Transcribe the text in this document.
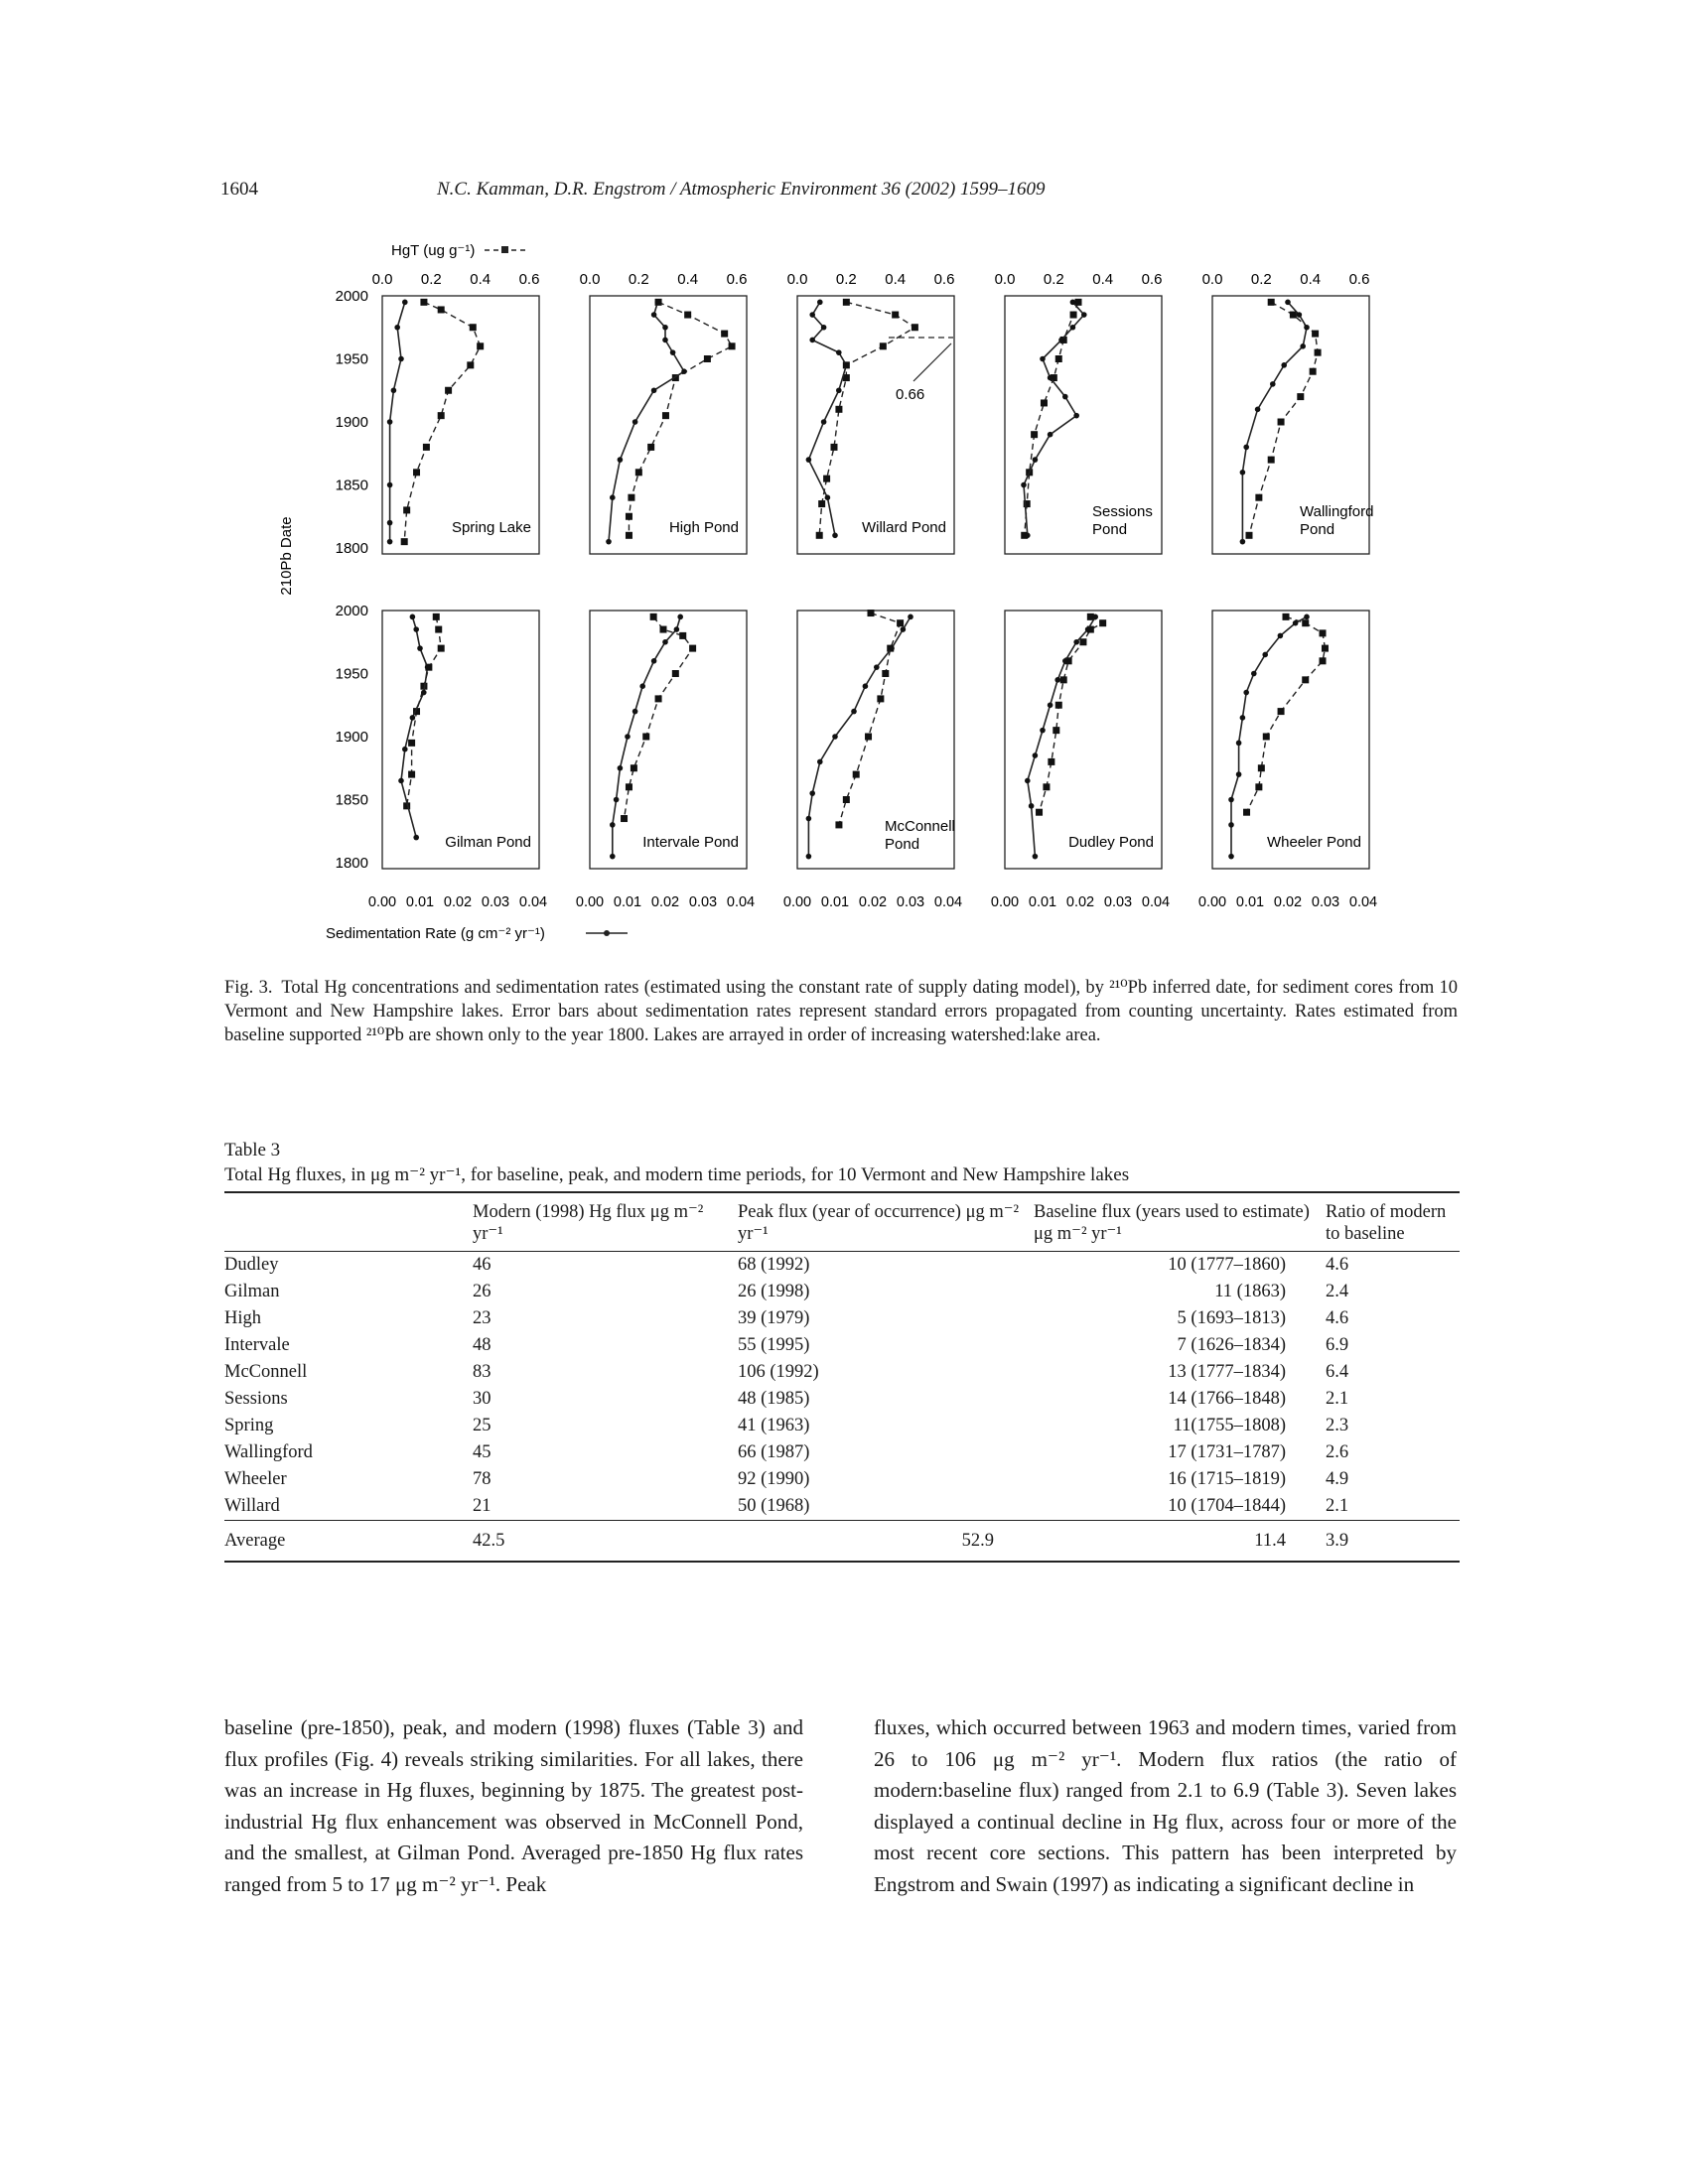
1604	N.C. Kamman, D.R. Engstrom / Atmospheric Environment 36 (2002) 1599–1609
0.0 0.2 0.4 0.6
0.00 0.01 0.02 0.03 0.04
0.0 0.2 0.4 0.6
0.00 0.01 0.02 0.03 0.04
0.0 0.2 0.4 0.6
0.00 0.01 0.02 0.03 0.04
0.0 0.2 0.4 0.6
0.00 0.01 0.02 0.03 0.04
0.0 0.2 0.4 0.6
0.00 0.01 0.02 0.03 0.04
HgT (ug g⁻¹)
Sedimentation Rate (g cm⁻² yr⁻¹)
210Pb Date
2000
1950
1900
1850
1800
Spring Lake	High Pond	Willard Pond
Sessions
Pond
Wallingford
Pond
2000
1950
1900
1850
1800
Gilman Pond	Intervale Pond
McConnell
Pond	Dudley Pond	Wheeler Pond
0.66
Fig. 3. Total Hg concentrations and sedimentation rates (estimated using the constant rate of supply dating model), by ²¹⁰Pb inferred date, for sediment cores from 10 Vermont and New Hampshire lakes. Error bars about sedimentation rates represent standard errors propagated from counting uncertainty. Rates estimated from baseline supported ²¹⁰Pb are shown only to the year 1800. Lakes are arrayed in order of increasing watershed:lake area.
Table 3
Total Hg fluxes, in μg m⁻² yr⁻¹, for baseline, peak, and modern time periods, for 10 Vermont and New Hampshire lakes
	Modern (1998) Hg flux μg m⁻² yr⁻¹	Peak flux (year of occurrence) μg m⁻² yr⁻¹	Baseline flux (years used to estimate) μg m⁻² yr⁻¹	Ratio of modern to baseline
Dudley	46	68 (1992)	10 (1777–1860)	4.6
Gilman	26	26 (1998)	11 (1863)	2.4
High	23	39 (1979)	5 (1693–1813)	4.6
Intervale	48	55 (1995)	7 (1626–1834)	6.9
McConnell	83	106 (1992)	13 (1777–1834)	6.4
Sessions	30	48 (1985)	14 (1766–1848)	2.1
Spring	25	41 (1963)	11(1755–1808)	2.3
Wallingford	45	66 (1987)	17 (1731–1787)	2.6
Wheeler	78	92 (1990)	16 (1715–1819)	4.9
Willard	21	50 (1968)	10 (1704–1844)	2.1
Average	42.5	52.9	11.4	3.9
baseline (pre-1850), peak, and modern (1998) fluxes (Table 3) and flux profiles (Fig. 4) reveals striking similarities. For all lakes, there was an increase in Hg fluxes, beginning by 1875. The greatest post-industrial Hg flux enhancement was observed in McConnell Pond, and the smallest, at Gilman Pond. Averaged pre-1850 Hg flux rates ranged from 5 to 17 μg m⁻² yr⁻¹. Peak
fluxes, which occurred between 1963 and modern times, varied from 26 to 106 μg m⁻² yr⁻¹. Modern flux ratios (the ratio of modern:baseline flux) ranged from 2.1 to 6.9 (Table 3). Seven lakes displayed a continual decline in Hg flux, across four or more of the most recent core sections. This pattern has been interpreted by Engstrom and Swain (1997) as indicating a significant decline in
